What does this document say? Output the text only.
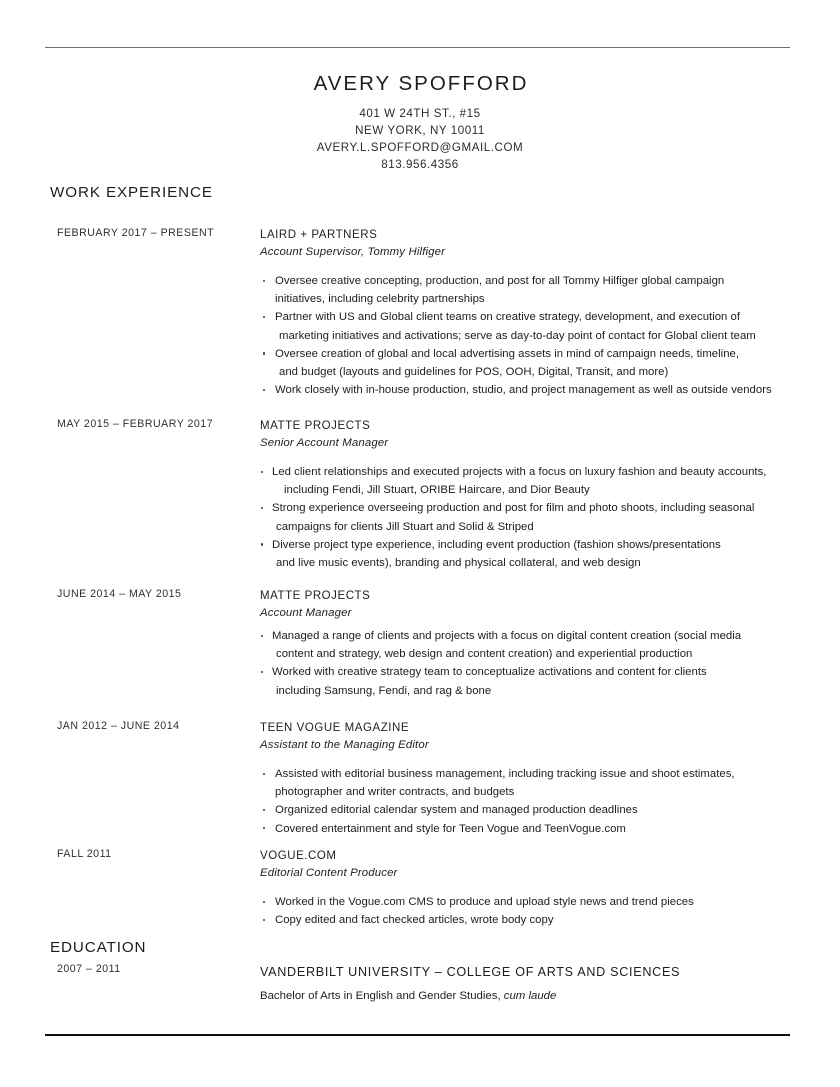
AVERY SPOFFORD
401 W 24TH ST., #15
NEW YORK, NY 10011
AVERY.L.SPOFFORD@GMAIL.COM
813.956.4356
WORK EXPERIENCE
FEBRUARY 2017 – PRESENT	LAIRD + PARTNERS
Account Supervisor, Tommy Hilfiger
Oversee creative concepting, production, and post for all Tommy Hilfiger global campaign
initiatives, including celebrity partnerships
Partner with US and Global client teams on creative strategy, development, and execution of
marketing initiatives and activations; serve as day-to-day point of contact for Global client team
Oversee creation of global and local advertising assets in mind of campaign needs, timeline,
and budget (layouts and guidelines for POS, OOH, Digital, Transit, and more)
Work closely with in-house production, studio, and project management as well as outside vendors
MAY 2015 – FEBRUARY 2017	MATTE PROJECTS
Senior Account Manager
Led client relationships and executed projects with a focus on luxury fashion and beauty accounts,
including Fendi, Jill Stuart, ORIBE Haircare, and Dior Beauty
Strong experience overseeing production and post for film and photo shoots, including seasonal
campaigns for clients Jill Stuart and Solid & Striped
Diverse project type experience, including event production (fashion shows/presentations
and live music events), branding and physical collateral, and web design
JUNE 2014 – MAY 2015	MATTE PROJECTS
Account Manager
Managed a range of clients and projects with a focus on digital content creation (social media
content and strategy, web design and content creation) and experiential production
Worked with creative strategy team to conceptualize activations and content for clients
including Samsung, Fendi, and rag & bone
JAN 2012 – JUNE 2014	TEEN VOGUE MAGAZINE
Assistant to the Managing Editor
Assisted with editorial business management, including tracking issue and shoot estimates,
photographer and writer contracts, and budgets
Organized editorial calendar system and managed production deadlines
Covered entertainment and style for Teen Vogue and TeenVogue.com
FALL 2011	VOGUE.COM
Editorial Content Producer
Worked in the Vogue.com CMS to produce and upload style news and trend pieces
Copy edited and fact checked articles, wrote body copy
EDUCATION
2007 – 2011	VANDERBILT UNIVERSITY – COLLEGE OF ARTS AND SCIENCES
Bachelor of Arts in English and Gender Studies, cum laude
